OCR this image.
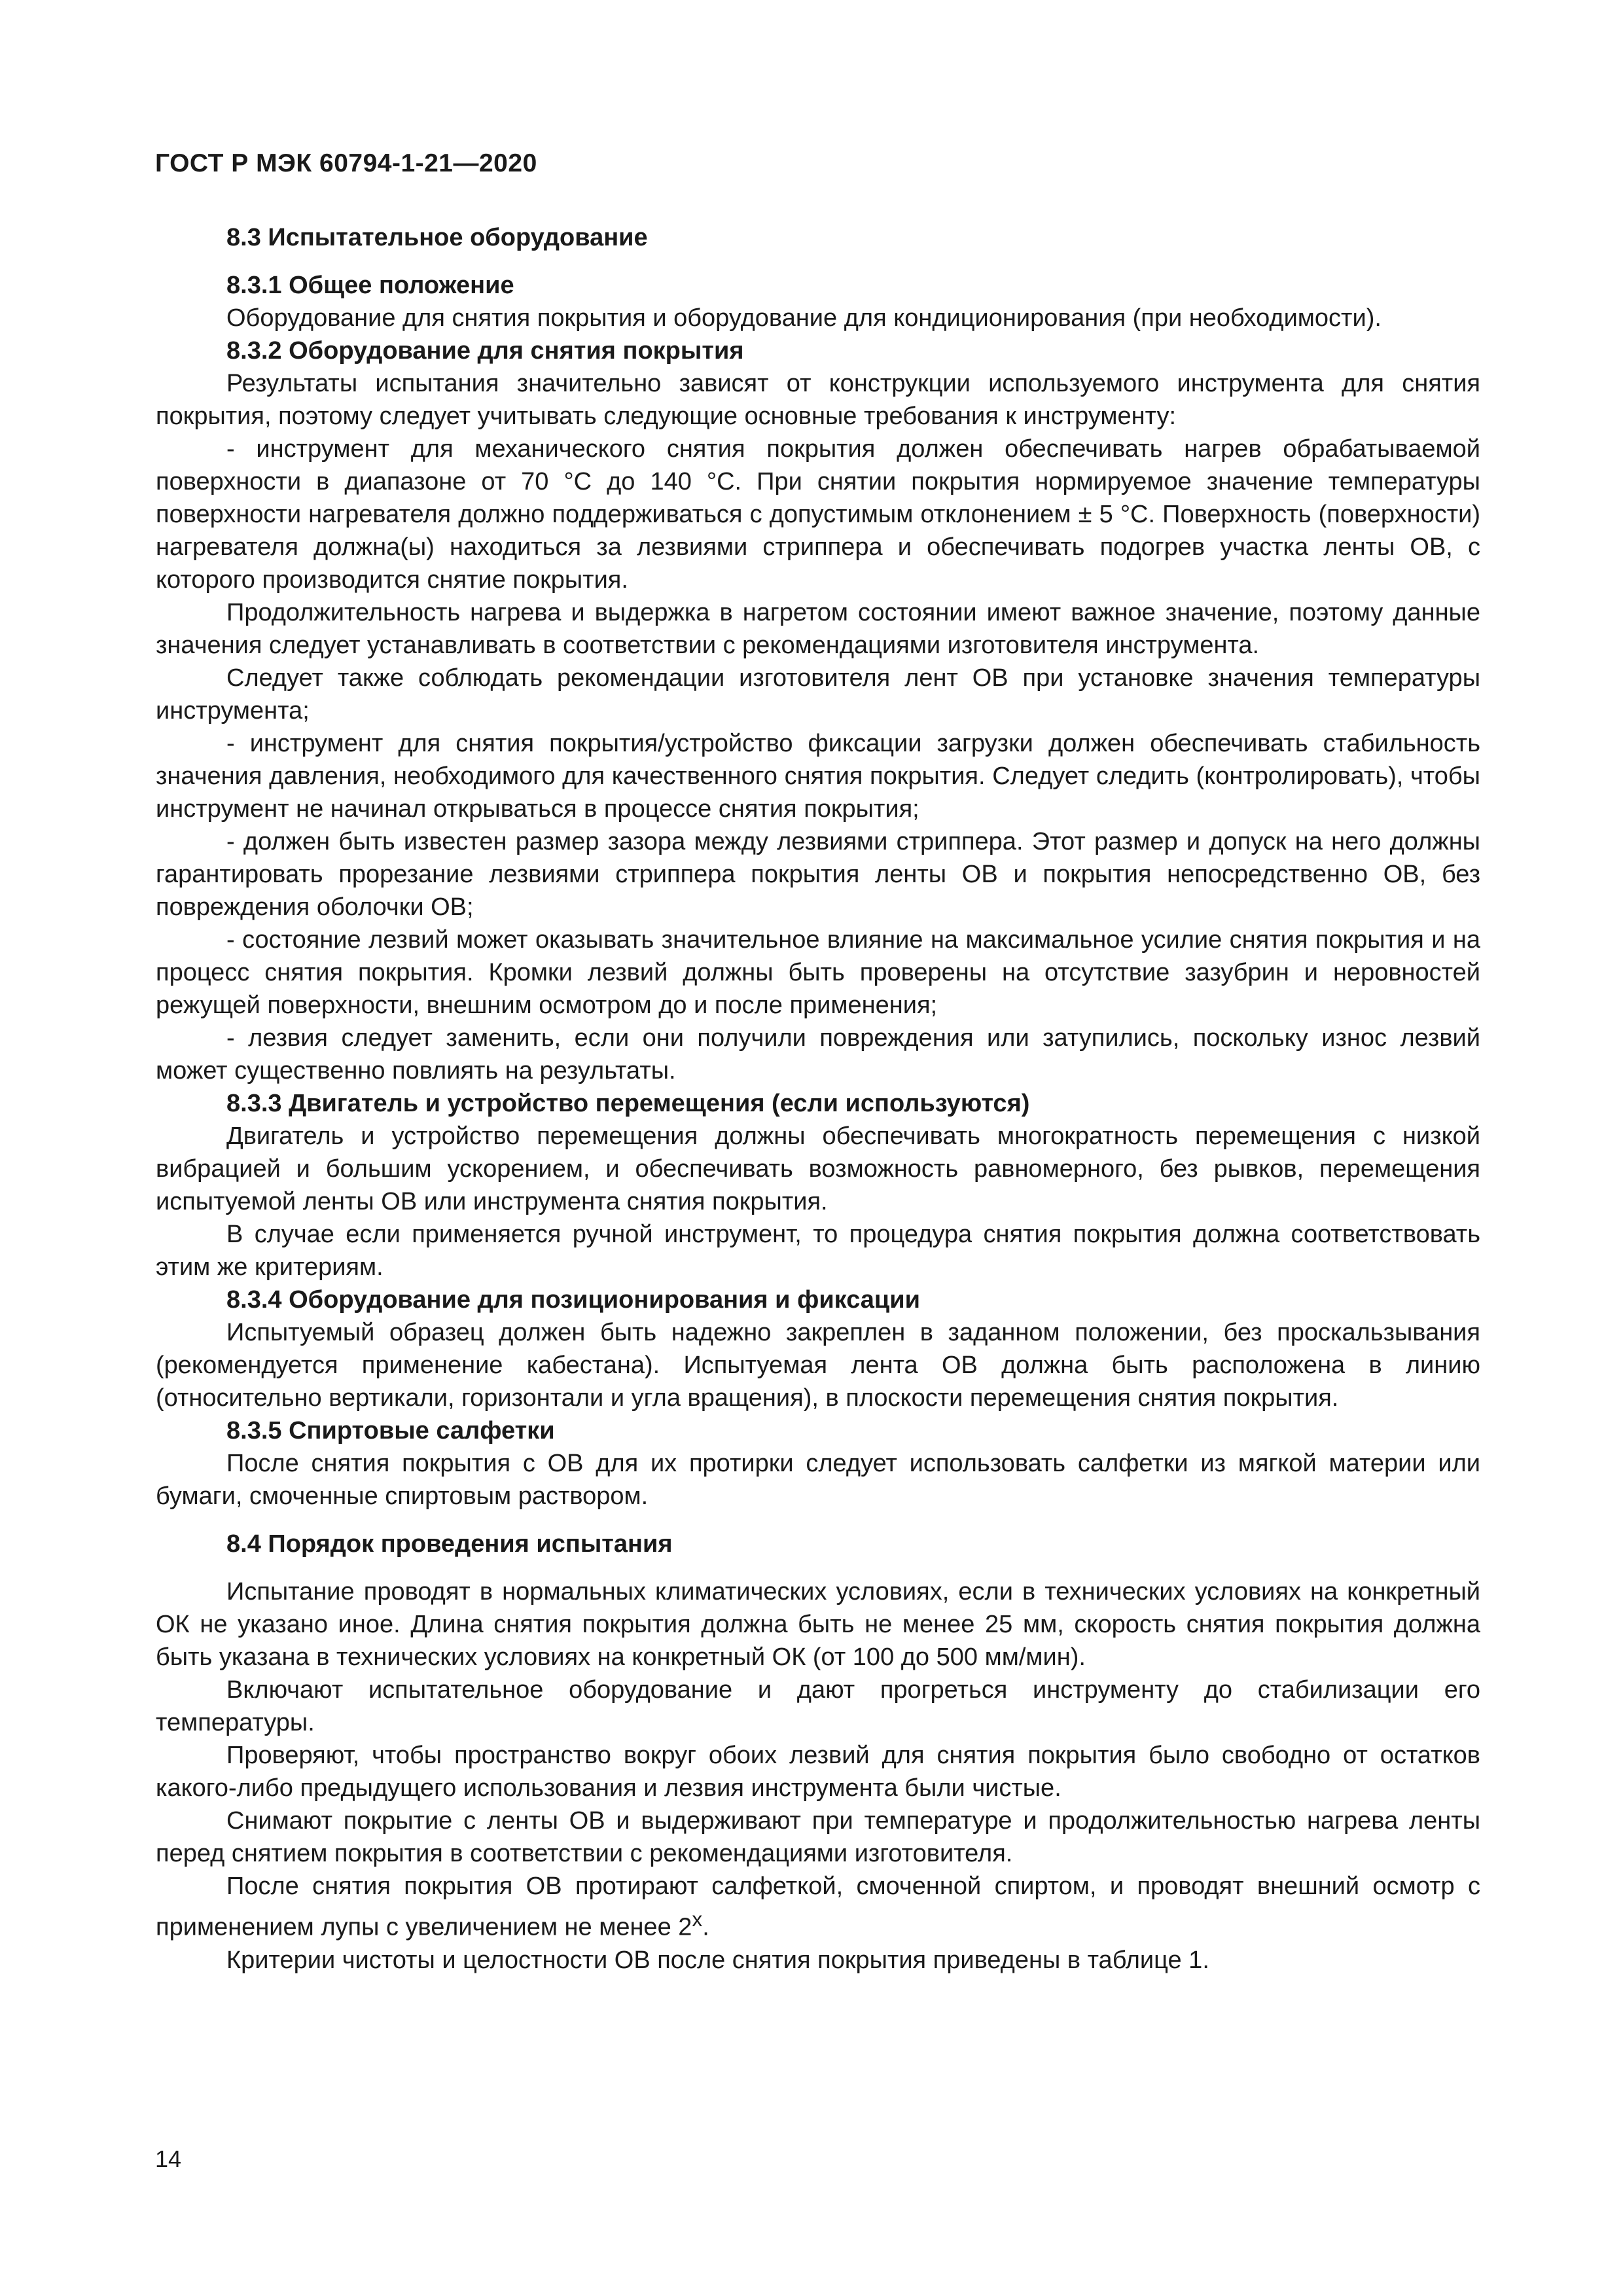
ГОСТ Р МЭК 60794-1-21—2020

8.3 Испытательное оборудование

8.3.1 Общее положение

Оборудование для снятия покрытия и оборудование для кондиционирования (при необходимости).

8.3.2 Оборудование для снятия покрытия

Результаты испытания значительно зависят от конструкции используемого инструмента для снятия покрытия, поэтому следует учитывать следующие основные требования к инструменту:

- инструмент для механического снятия покрытия должен обеспечивать нагрев обрабатываемой поверхности в диапазоне от 70 °С до 140 °С. При снятии покрытия нормируемое значение температуры поверхности нагревателя должно поддерживаться с допустимым отклонением ± 5 °С. Поверхность (поверхности) нагревателя должна(ы) находиться за лезвиями стриппера и обеспечивать подогрев участка ленты ОВ, с которого производится снятие покрытия.

Продолжительность нагрева и выдержка в нагретом состоянии имеют важное значение, поэтому данные значения следует устанавливать в соответствии с рекомендациями изготовителя инструмента.

Следует также соблюдать рекомендации изготовителя лент ОВ при установке значения температуры инструмента;

- инструмент для снятия покрытия/устройство фиксации загрузки должен обеспечивать стабильность значения давления, необходимого для качественного снятия покрытия. Следует следить (контролировать), чтобы инструмент не начинал открываться в процессе снятия покрытия;

- должен быть известен размер зазора между лезвиями стриппера. Этот размер и допуск на него должны гарантировать прорезание лезвиями стриппера покрытия ленты ОВ и покрытия непосредственно ОВ, без повреждения оболочки ОВ;

- состояние лезвий может оказывать значительное влияние на максимальное усилие снятия покрытия и на процесс снятия покрытия. Кромки лезвий должны быть проверены на отсутствие зазубрин и неровностей режущей поверхности, внешним осмотром до и после применения;

- лезвия следует заменить, если они получили повреждения или затупились, поскольку износ лезвий может существенно повлиять на результаты.

8.3.3 Двигатель и устройство перемещения (если используются)

Двигатель и устройство перемещения должны обеспечивать многократность перемещения с низкой вибрацией и большим ускорением, и обеспечивать возможность равномерного, без рывков, перемещения испытуемой ленты ОВ или инструмента снятия покрытия.

В случае если применяется ручной инструмент, то процедура снятия покрытия должна соответствовать этим же критериям.

8.3.4 Оборудование для позиционирования и фиксации

Испытуемый образец должен быть надежно закреплен в заданном положении, без проскальзывания (рекомендуется применение кабестана). Испытуемая лента ОВ должна быть расположена в линию (относительно вертикали, горизонтали и угла вращения), в плоскости перемещения снятия покрытия.

8.3.5 Спиртовые салфетки

После снятия покрытия с ОВ для их протирки следует использовать салфетки из мягкой материи или бумаги, смоченные спиртовым раствором.

8.4 Порядок проведения испытания

Испытание проводят в нормальных климатических условиях, если в технических условиях на конкретный ОК не указано иное. Длина снятия покрытия должна быть не менее 25 мм, скорость снятия покрытия должна быть указана в технических условиях на конкретный ОК (от 100 до 500 мм/мин).

Включают испытательное оборудование и дают прогреться инструменту до стабилизации его температуры.

Проверяют, чтобы пространство вокруг обоих лезвий для снятия покрытия было свободно от остатков какого-либо предыдущего использования и лезвия инструмента были чистые.

Снимают покрытие с ленты ОВ и выдерживают при температуре и продолжительностью нагрева ленты перед снятием покрытия в соответствии с рекомендациями изготовителя.

После снятия покрытия ОВ протирают салфеткой, смоченной спиртом, и проводят внешний осмотр с применением лупы с увеличением не менее 2$^x$.

Критерии чистоты и целостности ОВ после снятия покрытия приведены в таблице 1.

14
